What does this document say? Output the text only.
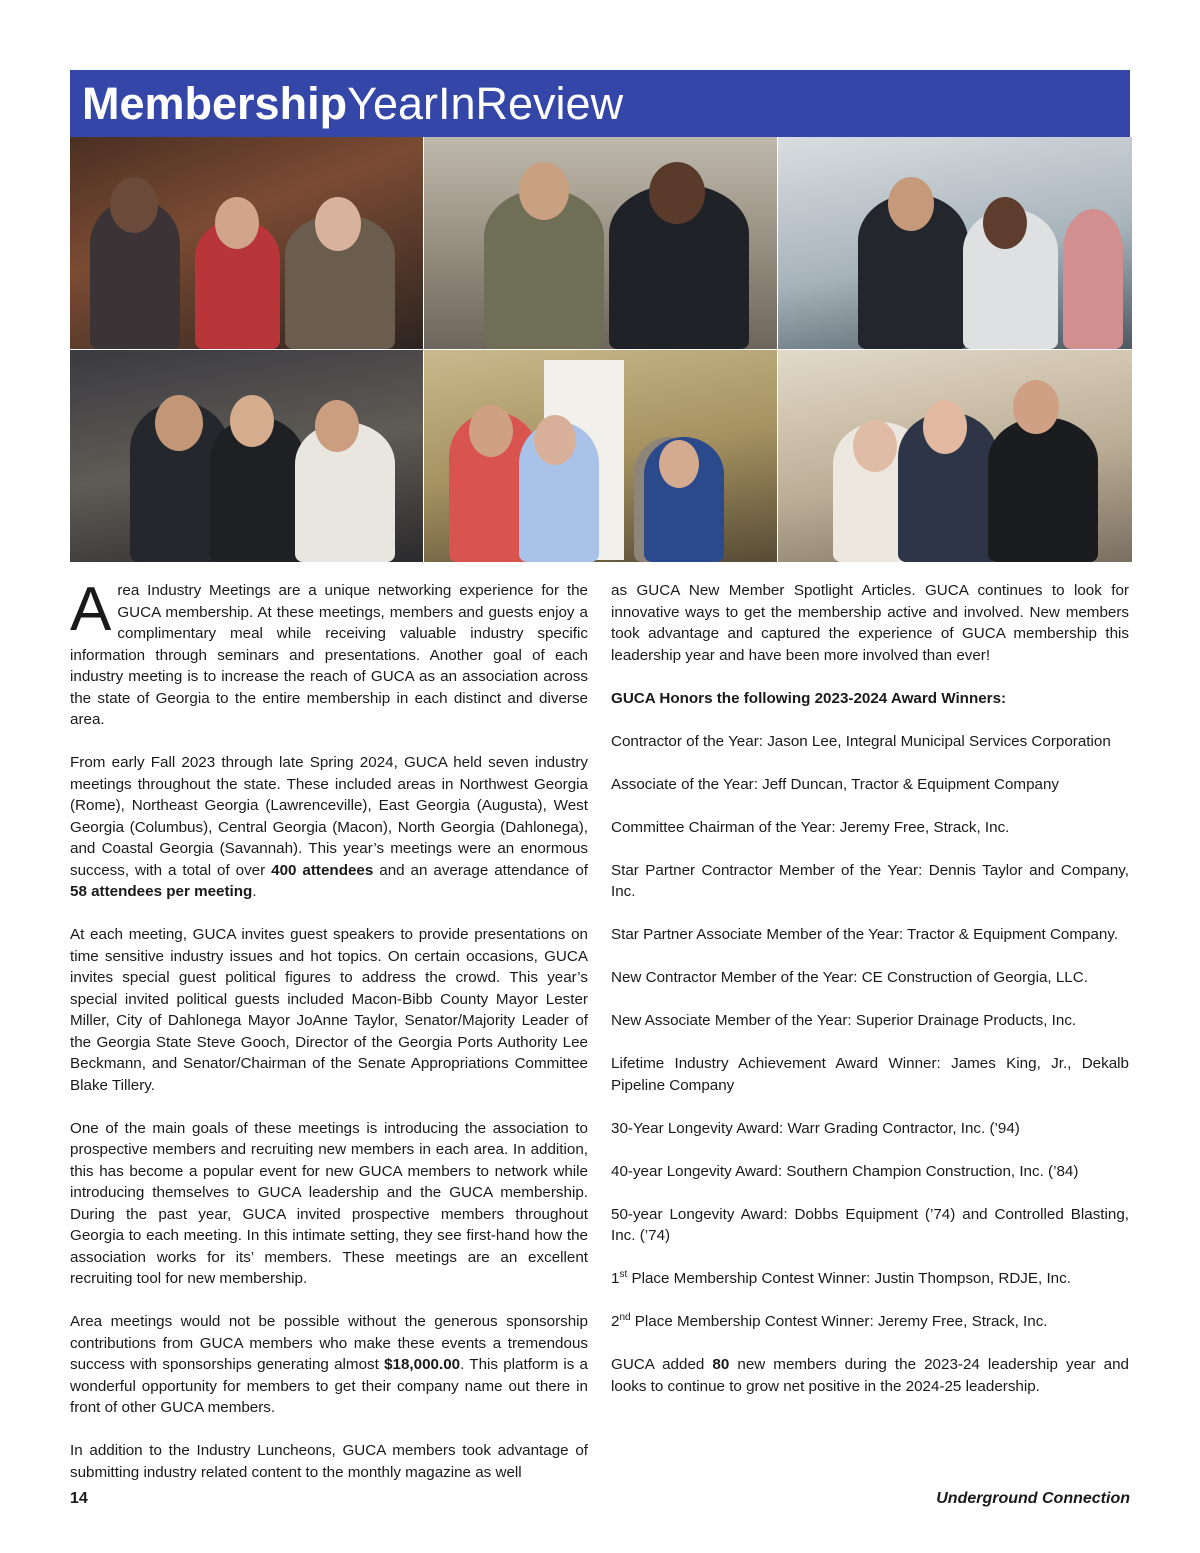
MembershipYearInReview

Area Industry Meetings are a unique networking experience for the GUCA membership. At these meetings, members and guests enjoy a complimentary meal while receiving valuable industry specific information through seminars and presentations. Another goal of each industry meeting is to increase the reach of GUCA as an association across the state of Georgia to the entire membership in each distinct and diverse area.

From early Fall 2023 through late Spring 2024, GUCA held seven industry meetings throughout the state. These included areas in Northwest Georgia (Rome), Northeast Georgia (Lawrenceville), East Georgia (Augusta), West Georgia (Columbus), Central Georgia (Macon), North Georgia (Dahlonega), and Coastal Georgia (Savannah). This year’s meetings were an enormous success, with a total of over 400 attendees and an average attendance of 58 attendees per meeting.

At each meeting, GUCA invites guest speakers to provide presentations on time sensitive industry issues and hot topics. On certain occasions, GUCA invites special guest political figures to address the crowd. This year’s special invited political guests included Macon-Bibb County Mayor Lester Miller, City of Dahlonega Mayor JoAnne Taylor, Senator/Majority Leader of the Georgia State Steve Gooch, Director of the Georgia Ports Authority Lee Beckmann, and Senator/Chairman of the Senate Appropriations Committee Blake Tillery.

One of the main goals of these meetings is introducing the association to prospective members and recruiting new members in each area. In addition, this has become a popular event for new GUCA members to network while introducing themselves to GUCA leadership and the GUCA membership. During the past year, GUCA invited prospective members throughout Georgia to each meeting. In this intimate setting, they see first-hand how the association works for its’ members. These meetings are an excellent recruiting tool for new membership.

Area meetings would not be possible without the generous sponsorship contributions from GUCA members who make these events a tremendous success with sponsorships generating almost $18,000.00. This platform is a wonderful opportunity for members to get their company name out there in front of other GUCA members.

In addition to the Industry Luncheons, GUCA members took advantage of submitting industry related content to the monthly magazine as well

as GUCA New Member Spotlight Articles. GUCA continues to look for innovative ways to get the membership active and involved. New members took advantage and captured the experience of GUCA membership this leadership year and have been more involved than ever!

GUCA Honors the following 2023-2024 Award Winners:

Contractor of the Year: Jason Lee, Integral Municipal Services Corporation

Associate of the Year: Jeff Duncan, Tractor & Equipment Company

Committee Chairman of the Year: Jeremy Free, Strack, Inc.

Star Partner Contractor Member of the Year: Dennis Taylor and Company, Inc.

Star Partner Associate Member of the Year: Tractor & Equipment Company.

New Contractor Member of the Year: CE Construction of Georgia, LLC.

New Associate Member of the Year: Superior Drainage Products, Inc.

Lifetime Industry Achievement Award Winner: James King, Jr., Dekalb Pipeline Company

30-Year Longevity Award: Warr Grading Contractor, Inc. (’94)

40-year Longevity Award: Southern Champion Construction, Inc. (’84)

50-year Longevity Award: Dobbs Equipment (’74) and Controlled Blasting, Inc. (’74)

1st Place Membership Contest Winner: Justin Thompson, RDJE, Inc.

2nd Place Membership Contest Winner: Jeremy Free, Strack, Inc.

GUCA added 80 new members during the 2023-24 leadership year and looks to continue to grow net positive in the 2024-25 leadership.

14	Underground Connection
